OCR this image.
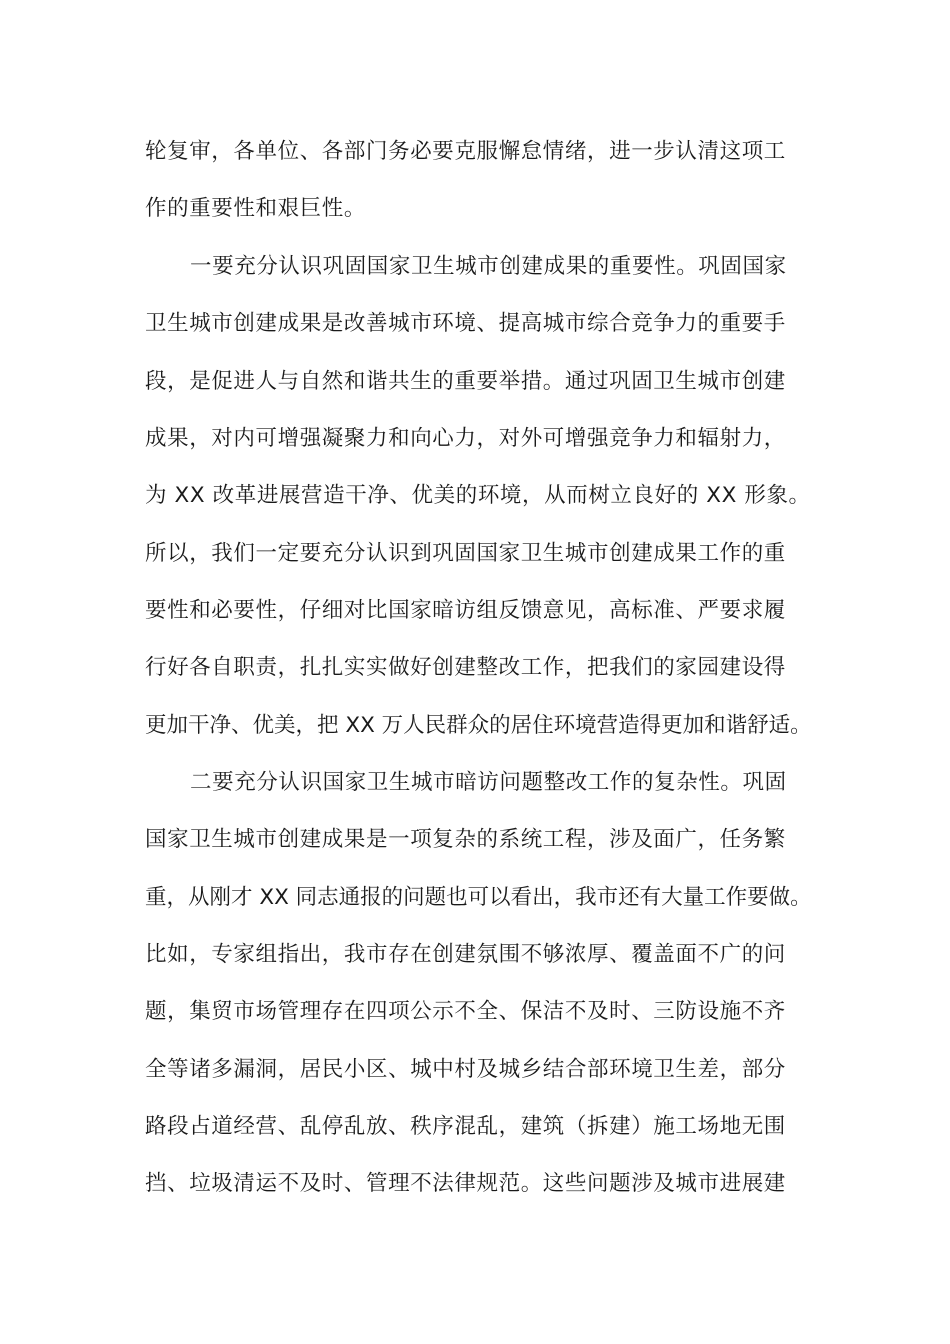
轮复审，各单位、各部门务必要克服懈怠情绪，进一步认清这项工
作的重要性和艰巨性。
一要充分认识巩固国家卫生城市创建成果的重要性。巩固国家
卫生城市创建成果是改善城市环境、提高城市综合竞争力的重要手
段，是促进人与自然和谐共生的重要举措。通过巩固卫生城市创建
成果，对内可增强凝聚力和向心力，对外可增强竞争力和辐射力，
为 XX 改革进展营造干净、优美的环境，从而树立良好的 XX 形象。
所以，我们一定要充分认识到巩固国家卫生城市创建成果工作的重
要性和必要性，仔细对比国家暗访组反馈意见，高标准、严要求履
行好各自职责，扎扎实实做好创建整改工作，把我们的家园建设得
更加干净、优美，把 XX 万人民群众的居住环境营造得更加和谐舒适。
二要充分认识国家卫生城市暗访问题整改工作的复杂性。巩固
国家卫生城市创建成果是一项复杂的系统工程，涉及面广，任务繁
重，从刚才 XX 同志通报的问题也可以看出，我市还有大量工作要做。
比如，专家组指出，我市存在创建氛围不够浓厚、覆盖面不广的问
题，集贸市场管理存在四项公示不全、保洁不及时、三防设施不齐
全等诸多漏洞，居民小区、城中村及城乡结合部环境卫生差，部分
路段占道经营、乱停乱放、秩序混乱，建筑（拆建）施工场地无围
挡、垃圾清运不及时、管理不法律规范。这些问题涉及城市进展建
